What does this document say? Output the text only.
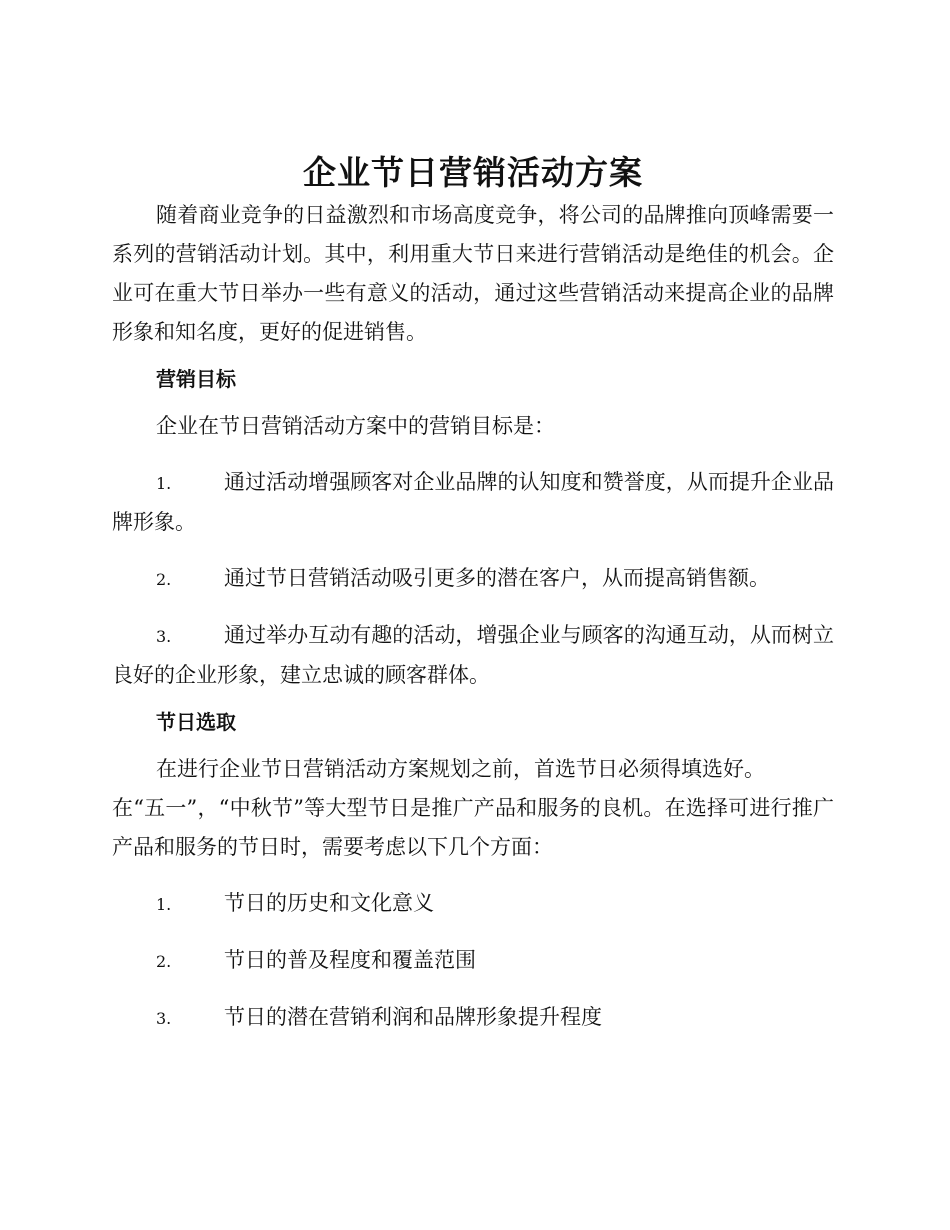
企业节日营销活动方案

随着商业竞争的日益激烈和市场高度竞争，将公司的品牌推向顶峰需要一系列的营销活动计划。其中，利用重大节日来进行营销活动是绝佳的机会。企业可在重大节日举办一些有意义的活动，通过这些营销活动来提高企业的品牌形象和知名度，更好的促进销售。

营销目标

企业在节日营销活动方案中的营销目标是：

1.	通过活动增强顾客对企业品牌的认知度和赞誉度，从而提升企业品牌形象。

2.	通过节日营销活动吸引更多的潜在客户，从而提高销售额。

3.	通过举办互动有趣的活动，增强企业与顾客的沟通互动，从而树立良好的企业形象，建立忠诚的顾客群体。

节日选取

在进行企业节日营销活动方案规划之前，首选节日必须得填选好。

在“五一”，“中秋节”等大型节日是推广产品和服务的良机。在选择可进行推广产品和服务的节日时，需要考虑以下几个方面：

1.	节日的历史和文化意义

2.	节日的普及程度和覆盖范围

3.	节日的潜在营销利润和品牌形象提升程度
